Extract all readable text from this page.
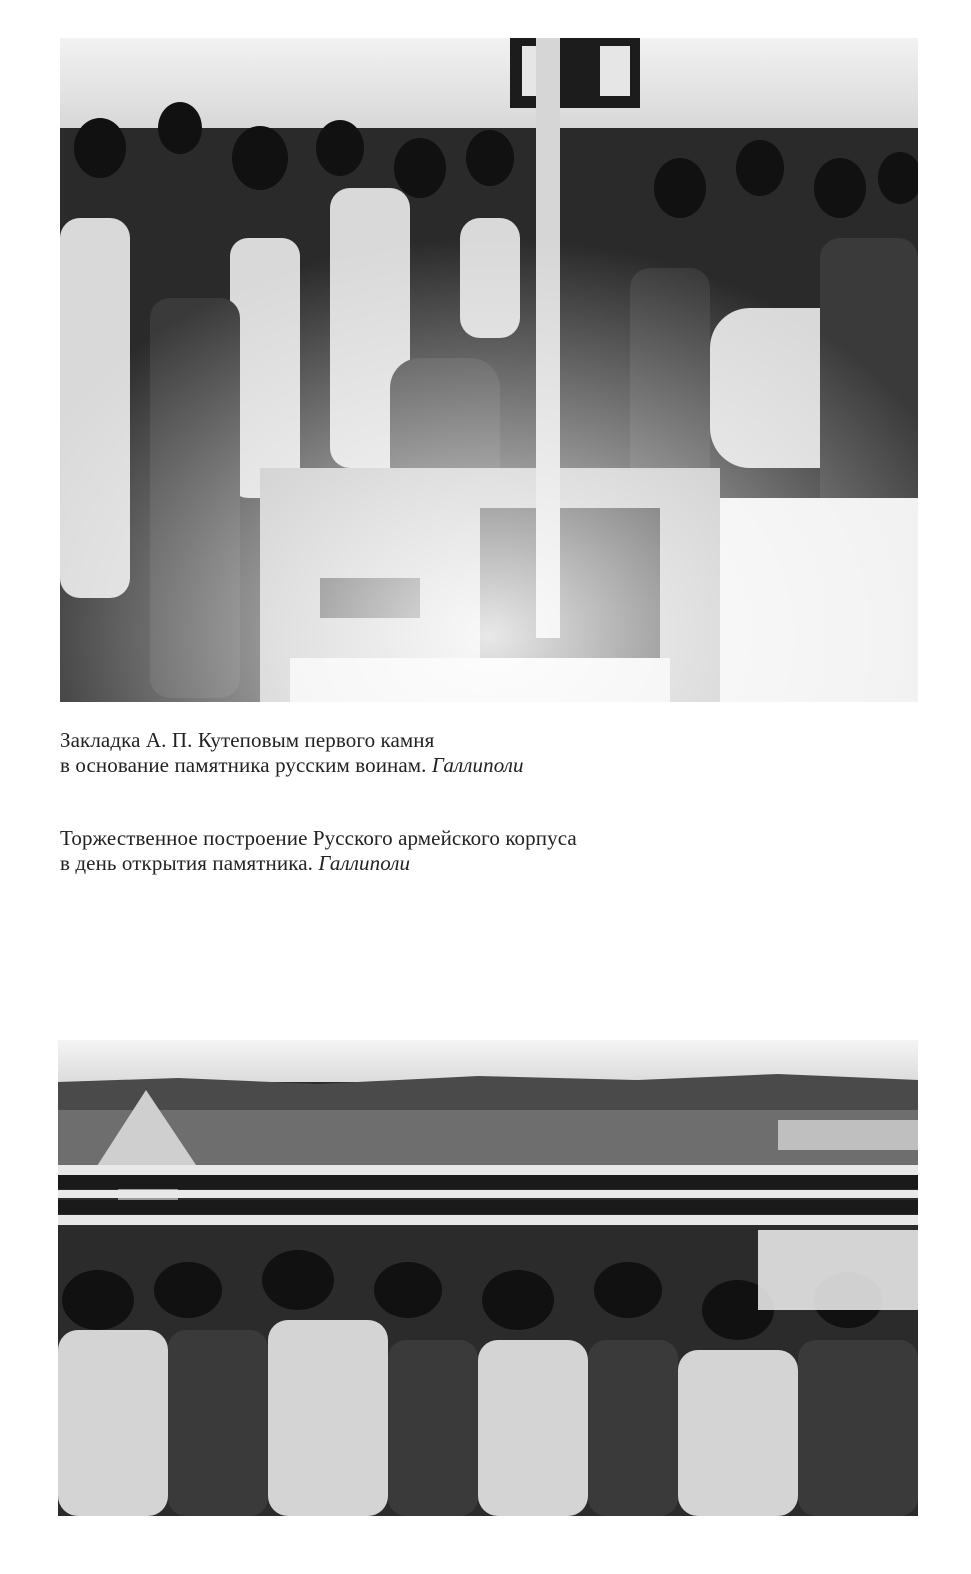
Закладка А. П. Кутеповым первого камня
в основание памятника русским воинам. Галлиполи
Торжественное построение Русского армейского корпуса
в день открытия памятника. Галлиполи
